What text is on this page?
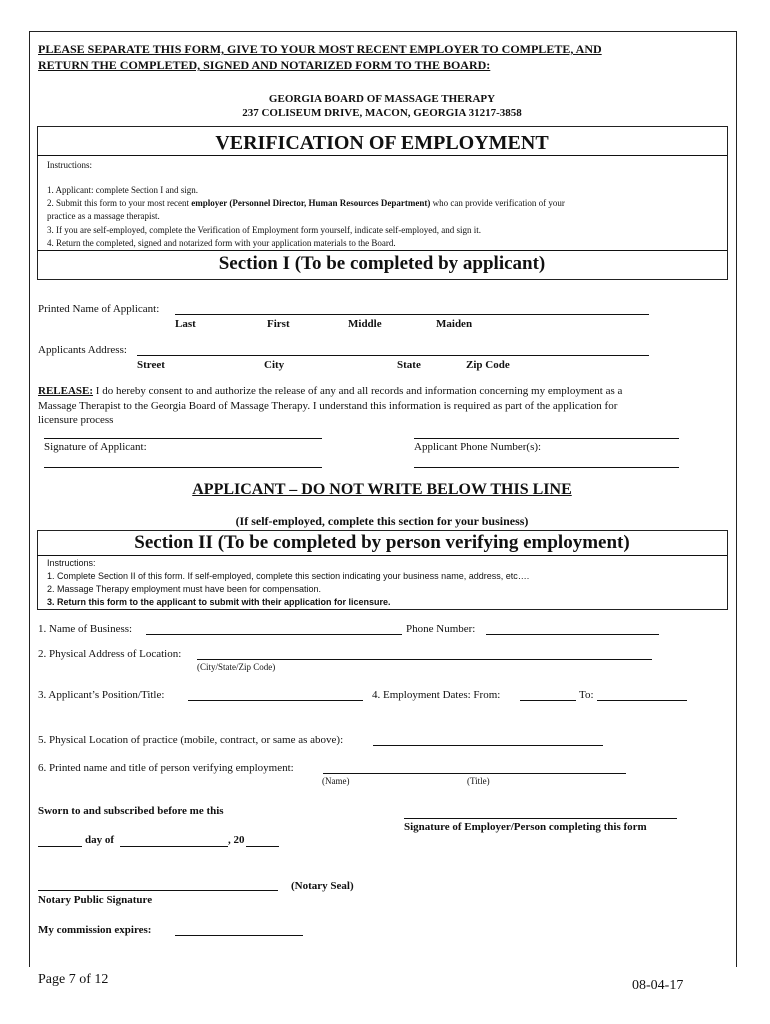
PLEASE SEPARATE THIS FORM, GIVE TO YOUR MOST RECENT EMPLOYER TO COMPLETE, AND
RETURN THE COMPLETED, SIGNED AND NOTARIZED FORM TO THE BOARD:
GEORGIA BOARD OF MASSAGE THERAPY
237 COLISEUM DRIVE, MACON, GEORGIA 31217-3858
VERIFICATION OF EMPLOYMENT
Instructions:
1. Applicant: complete Section I and sign.
2. Submit this form to your most recent employer (Personnel Director, Human Resources Department) who can provide verification of your
practice as a massage therapist.
3. If you are self-employed, complete the Verification of Employment form yourself, indicate self-employed, and sign it.
4. Return the completed, signed and notarized form with your application materials to the Board.
Section I (To be completed by applicant)
Printed Name of Applicant:
Last	First	Middle	Maiden
Applicants Address:
Street	City	State	Zip Code
RELEASE: I do hereby consent to and authorize the release of any and all records and information concerning my employment as a
Massage Therapist to the Georgia Board of Massage Therapy. I understand this information is required as part of the application for
licensure process
Signature of Applicant:	Applicant Phone Number(s):
APPLICANT – DO NOT WRITE BELOW THIS LINE
(If self-employed, complete this section for your business)
Section II (To be completed by person verifying employment)
Instructions:
1. Complete Section II of this form. If self-employed, complete this section indicating your business name, address, etc….
2. Massage Therapy employment must have been for compensation.
3. Return this form to the applicant to submit with their application for licensure.
1. Name of Business:	Phone Number:
2. Physical Address of Location:
(City/State/Zip Code)
3. Applicant’s Position/Title:	4. Employment Dates: From:	To:
5. Physical Location of practice (mobile, contract, or same as above):
6. Printed name and title of person verifying employment:
(Name)	(Title)
Sworn to and subscribed before me this
Signature of Employer/Person completing this form
day of	, 20
(Notary Seal)
Notary Public Signature
My commission expires:
Page 7 of 12	08-04-17
